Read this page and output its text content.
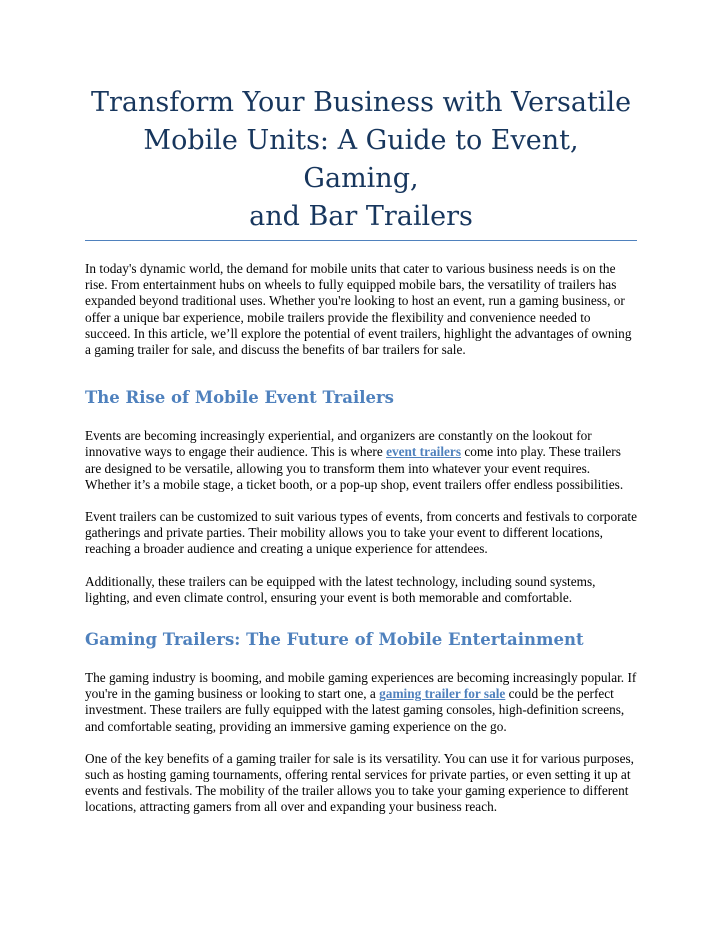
Transform Your Business with Versatile
Mobile Units: A Guide to Event, Gaming,
and Bar Trailers

In today's dynamic world, the demand for mobile units that cater to various business needs is on the rise. From entertainment hubs on wheels to fully equipped mobile bars, the versatility of trailers has expanded beyond traditional uses. Whether you're looking to host an event, run a gaming business, or offer a unique bar experience, mobile trailers provide the flexibility and convenience needed to succeed. In this article, we’ll explore the potential of event trailers, highlight the advantages of owning a gaming trailer for sale, and discuss the benefits of bar trailers for sale.

The Rise of Mobile Event Trailers

Events are becoming increasingly experiential, and organizers are constantly on the lookout for innovative ways to engage their audience. This is where event trailers come into play. These trailers are designed to be versatile, allowing you to transform them into whatever your event requires. Whether it’s a mobile stage, a ticket booth, or a pop-up shop, event trailers offer endless possibilities.

Event trailers can be customized to suit various types of events, from concerts and festivals to corporate gatherings and private parties. Their mobility allows you to take your event to different locations, reaching a broader audience and creating a unique experience for attendees.

Additionally, these trailers can be equipped with the latest technology, including sound systems, lighting, and even climate control, ensuring your event is both memorable and comfortable.

Gaming Trailers: The Future of Mobile Entertainment

The gaming industry is booming, and mobile gaming experiences are becoming increasingly popular. If you're in the gaming business or looking to start one, a gaming trailer for sale could be the perfect investment. These trailers are fully equipped with the latest gaming consoles, high-definition screens, and comfortable seating, providing an immersive gaming experience on the go.

One of the key benefits of a gaming trailer for sale is its versatility. You can use it for various purposes, such as hosting gaming tournaments, offering rental services for private parties, or even setting it up at events and festivals. The mobility of the trailer allows you to take your gaming experience to different locations, attracting gamers from all over and expanding your business reach.
